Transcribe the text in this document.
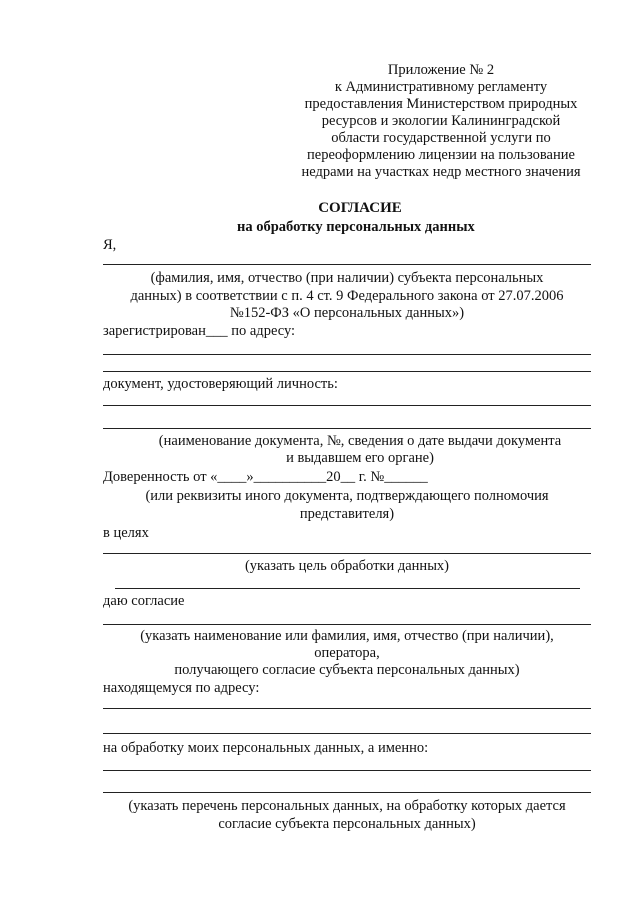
Приложение № 2
к Административному регламенту
предоставления Министерством природных
ресурсов и экологии Калининградской
области государственной услуги по
переоформлению лицензии на пользование
недрами на участках недр местного значения
СОГЛАСИЕ
на обработку персональных данных
Я,
(фамилия, имя, отчество (при наличии) субъекта персональных
данных) в соответствии с п. 4 ст. 9 Федерального закона от 27.07.2006
№152-ФЗ «О персональных данных»)
зарегистрирован___ по адресу:
документ, удостоверяющий личность:
(наименование документа, №, сведения о дате выдачи документа
и выдавшем его органе)
Доверенность от «____»__________20__ г. №______
(или реквизиты иного документа, подтверждающего полномочия
представителя)
в целях
(указать цель обработки данных)
даю согласие
(указать наименование или фамилия, имя, отчество (при наличии),
оператора,
получающего согласие субъекта персональных данных)
находящемуся по адресу:
на обработку моих персональных данных, а именно:
(указать перечень персональных данных, на обработку которых дается
согласие субъекта персональных данных)
